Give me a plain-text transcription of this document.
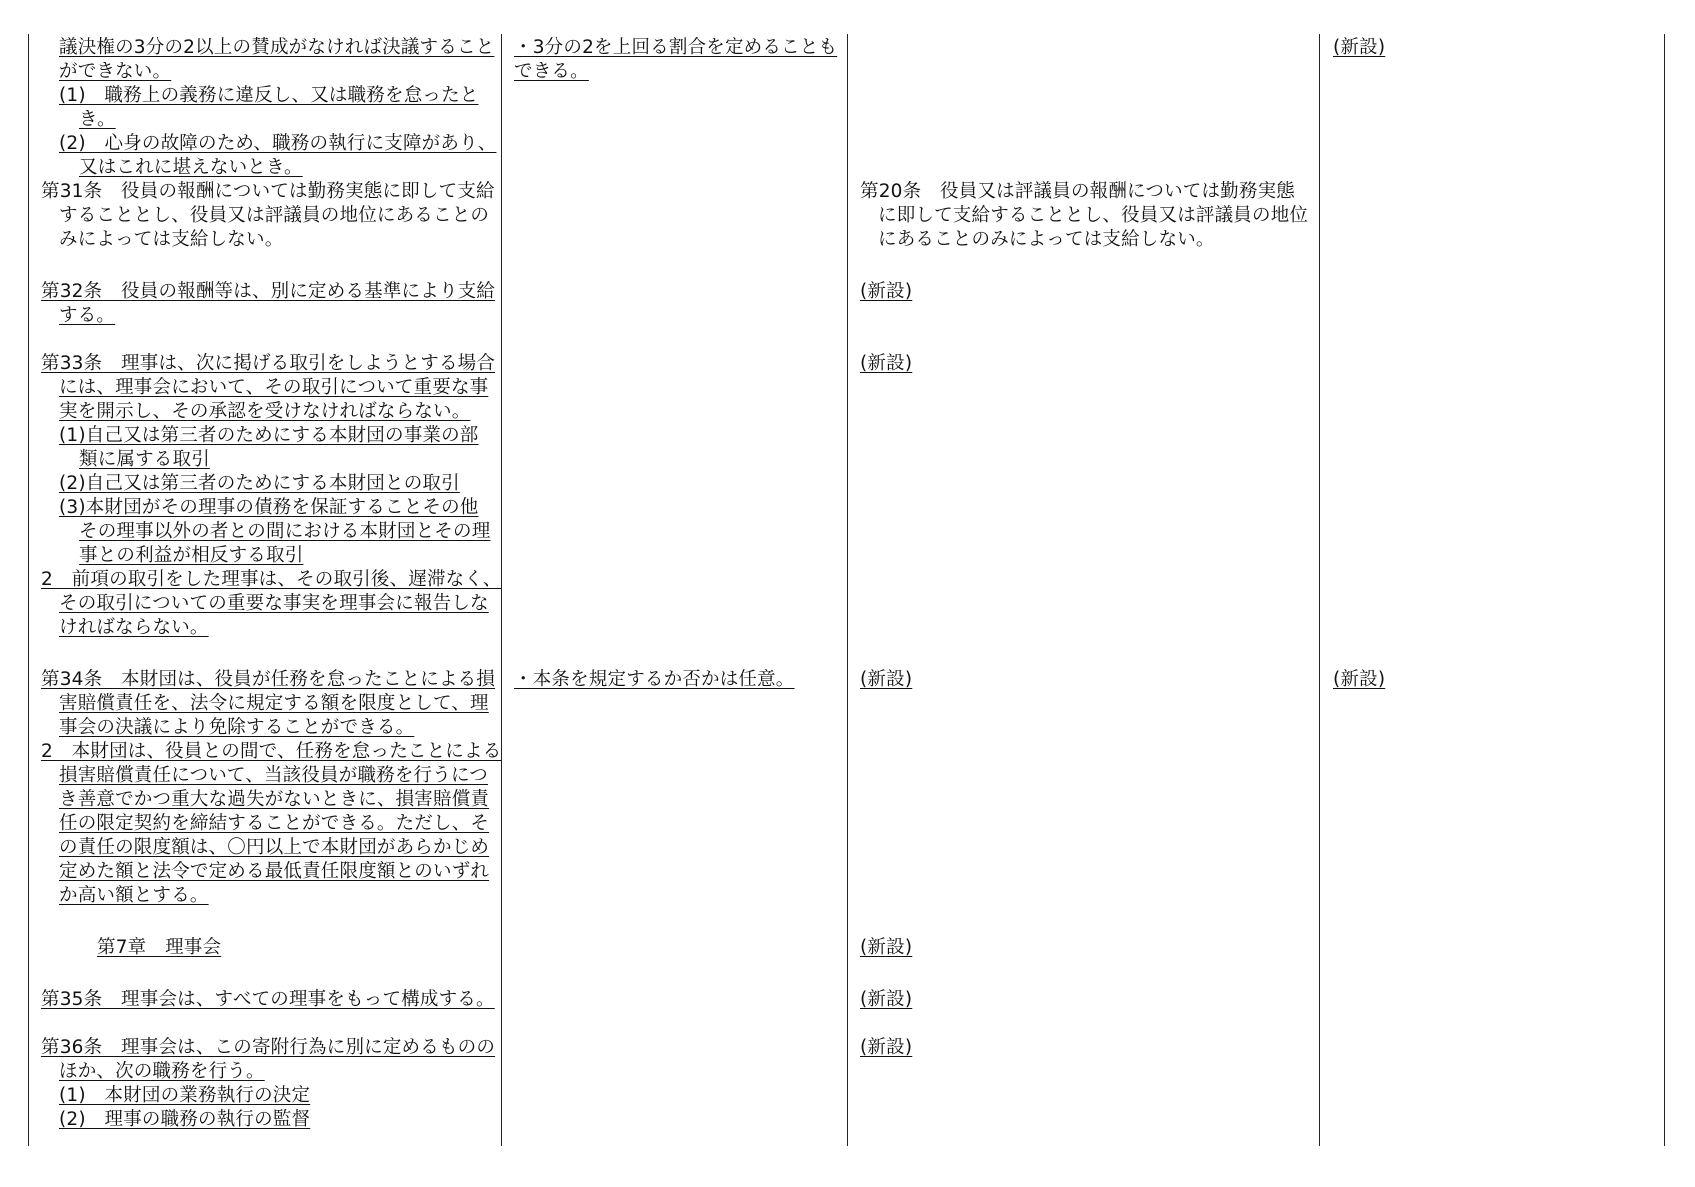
議決権の3分の2以上の賛成がなければ決議すること
ができない。
(1)　職務上の義務に違反し、又は職務を怠ったと
き。
(2)　心身の故障のため、職務の執行に支障があり、
又はこれに堪えないとき。
第31条　役員の報酬については勤務実態に即して支給
することとし、役員又は評議員の地位にあることの
みによっては支給しない。
第32条　役員の報酬等は、別に定める基準により支給
する。
第33条　理事は、次に掲げる取引をしようとする場合
には、理事会において、その取引について重要な事
実を開示し、その承認を受けなければならない。
(1)自己又は第三者のためにする本財団の事業の部
類に属する取引
(2)自己又は第三者のためにする本財団との取引
(3)本財団がその理事の債務を保証することその他
その理事以外の者との間における本財団とその理
事との利益が相反する取引
2　前項の取引をした理事は、その取引後、遅滞なく、
その取引についての重要な事実を理事会に報告しな
ければならない。
第34条　本財団は、役員が任務を怠ったことによる損
害賠償責任を、法令に規定する額を限度として、理
事会の決議により免除することができる。
2　本財団は、役員との間で、任務を怠ったことによる
損害賠償責任について、当該役員が職務を行うにつ
き善意でかつ重大な過失がないときに、損害賠償責
任の限定契約を締結することができる。ただし、そ
の責任の限度額は、〇円以上で本財団があらかじめ
定めた額と法令で定める最低責任限度額とのいずれ
か高い額とする。
第7章　理事会
第35条　理事会は、すべての理事をもって構成する。
第36条　理事会は、この寄附行為に別に定めるものの
ほか、次の職務を行う。
(1)　本財団の業務執行の決定
(2)　理事の職務の執行の監督
・3分の2を上回る割合を定めることも
できる。
・本条を規定するか否かは任意。
第20条　役員又は評議員の報酬については勤務実態
に即して支給することとし、役員又は評議員の地位
にあることのみによっては支給しない。
(新設)
(新設)
(新設)
(新設)
(新設)
(新設)
(新設)
(新設)
